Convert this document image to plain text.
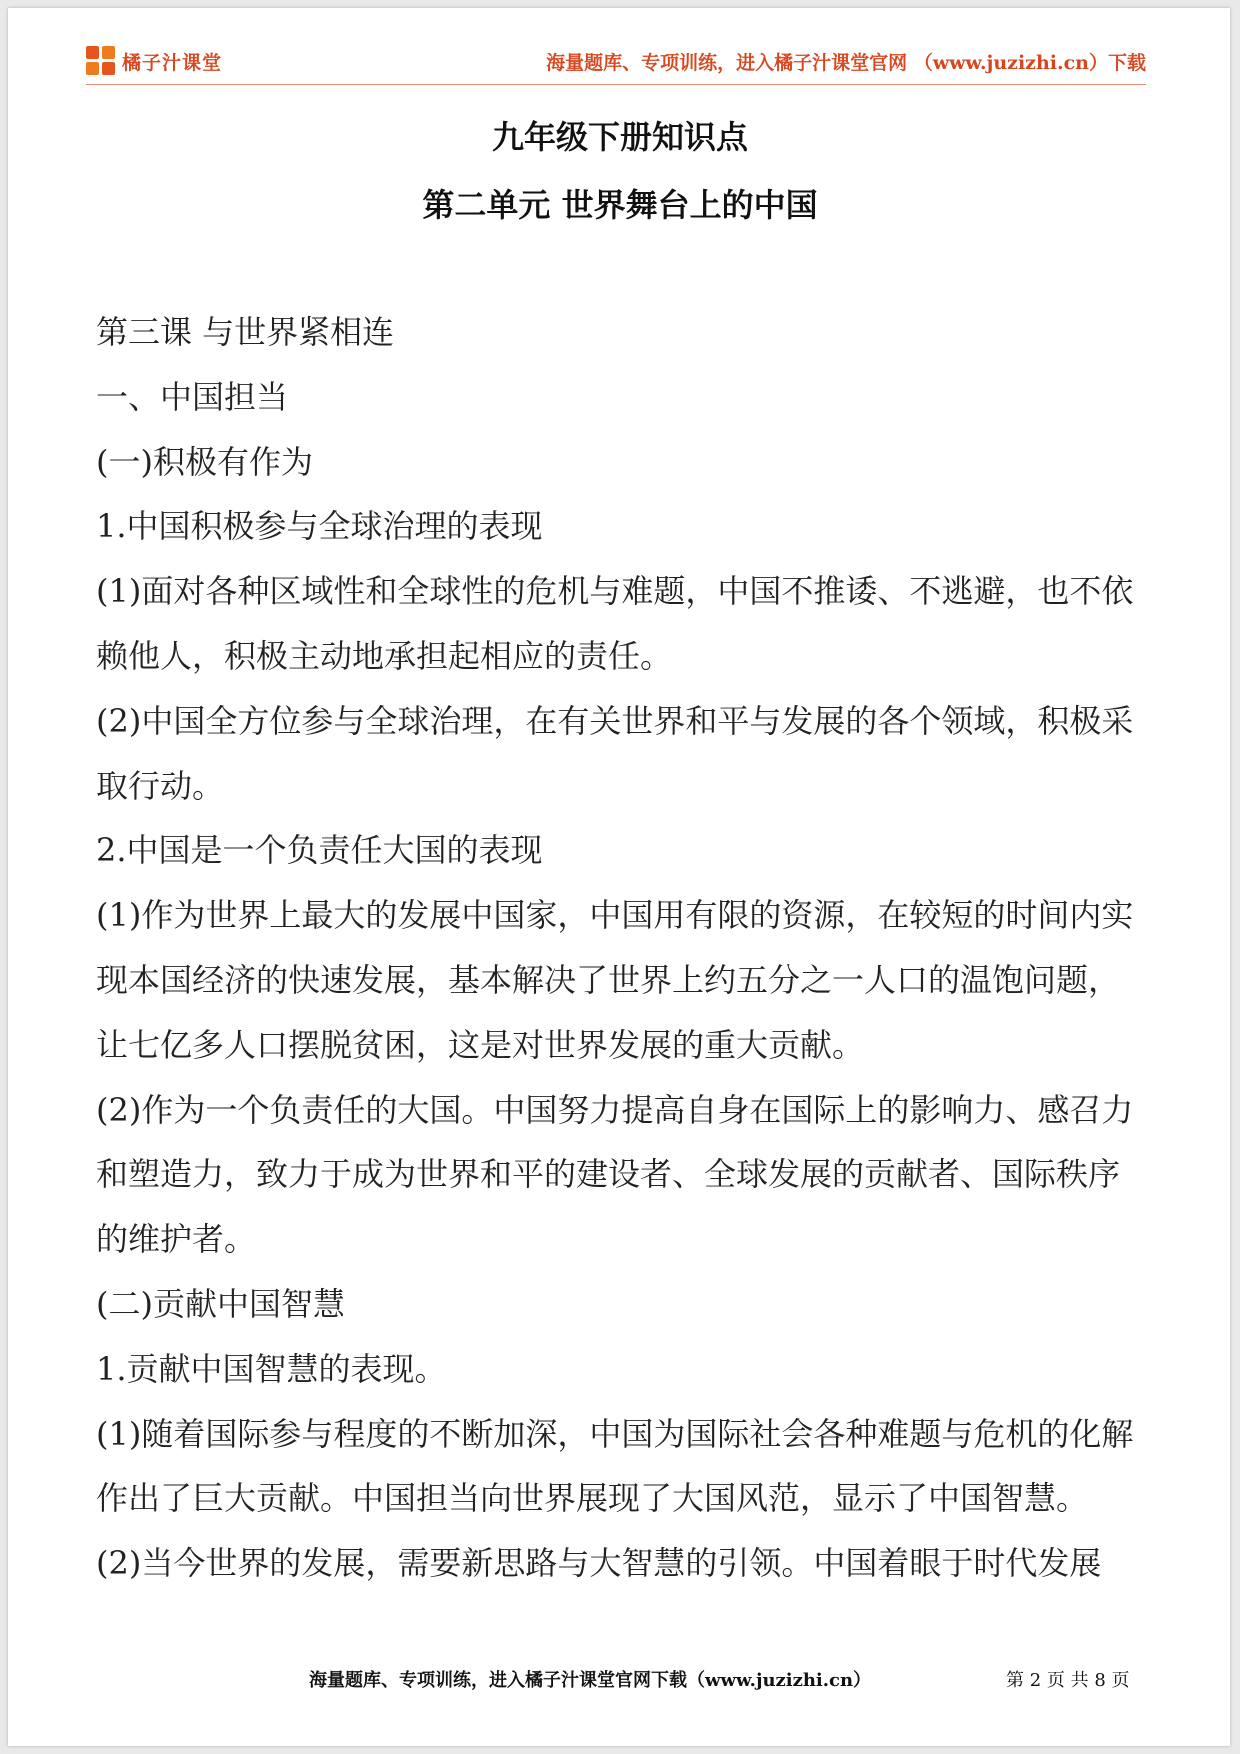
橘子汁课堂	海量题库、专项训练，进入橘子汁课堂官网 （www.juzizhi.cn）下载
九年级下册知识点
第二单元 世界舞台上的中国

第三课 与世界紧相连

一、中国担当

(一)积极有作为

1.中国积极参与全球治理的表现

(1)面对各种区域性和全球性的危机与难题，中国不推诿、不逃避，也不依赖他人，积极主动地承担起相应的责任。

(2)中国全方位参与全球治理，在有关世界和平与发展的各个领域，积极采取行动。

2.中国是一个负责任大国的表现

(1)作为世界上最大的发展中国家，中国用有限的资源，在较短的时间内实现本国经济的快速发展，基本解决了世界上约五分之一人口的温饱问题，让七亿多人口摆脱贫困，这是对世界发展的重大贡献。

(2)作为一个负责任的大国。中国努力提高自身在国际上的影响力、感召力和塑造力，致力于成为世界和平的建设者、全球发展的贡献者、国际秩序的维护者。

(二)贡献中国智慧

1.贡献中国智慧的表现。

(1)随着国际参与程度的不断加深，中国为国际社会各种难题与危机的化解作出了巨大贡献。中国担当向世界展现了大国风范，显示了中国智慧。

(2)当今世界的发展，需要新思路与大智慧的引领。中国着眼于时代发展

海量题库、专项训练，进入橘子汁课堂官网下载（www.juzizhi.cn）	第 2 页 共 8 页
